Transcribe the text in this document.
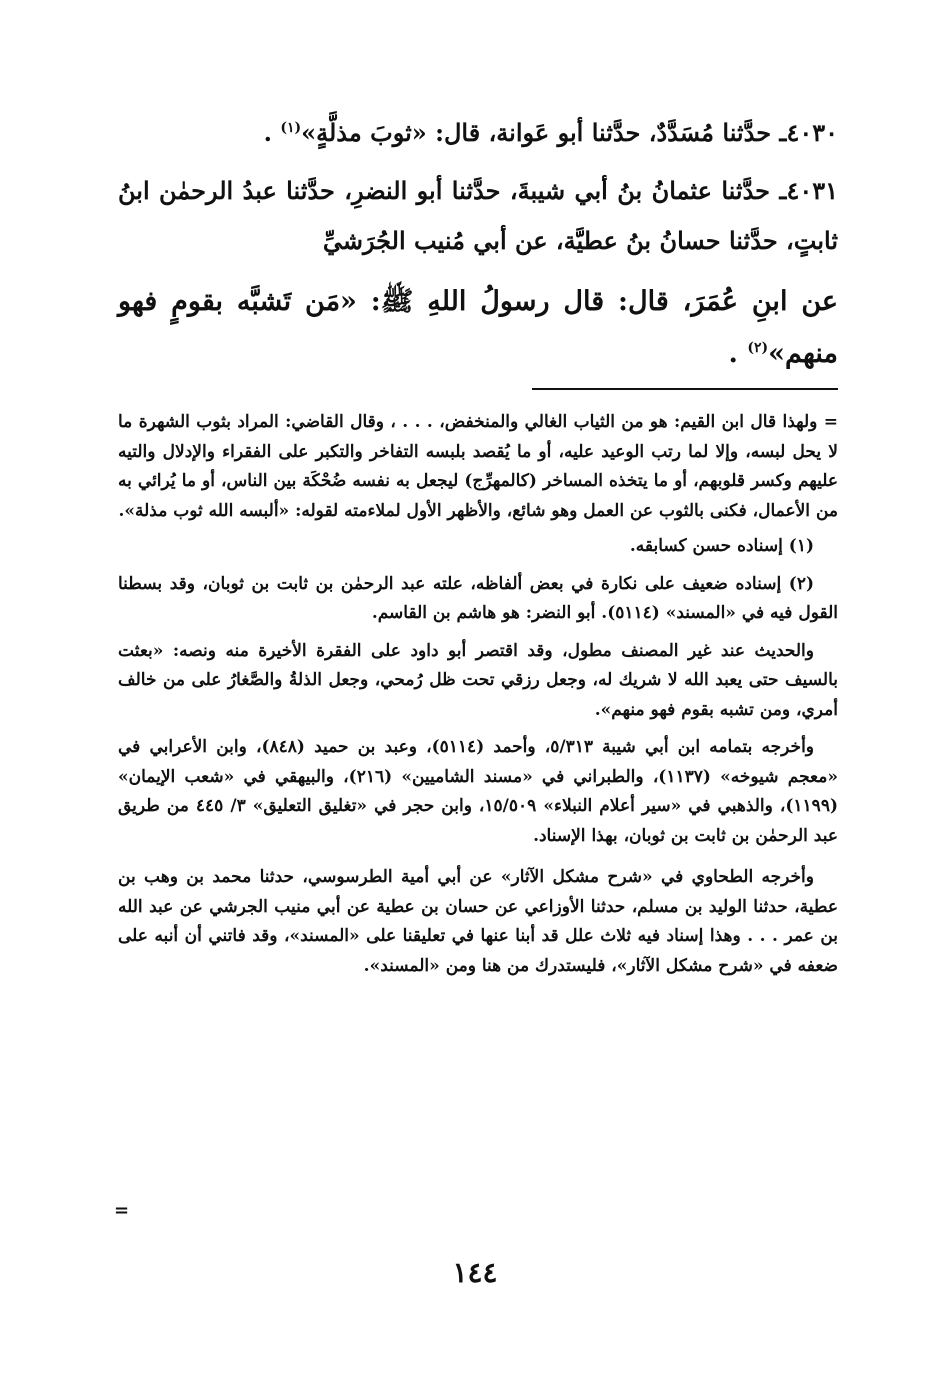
٤٠٣٠ـ حدَّثنا مُسَدَّدٌ، حدَّثنا أبو عَوانة، قال: «ثوبَ مذلَّةٍ»$^{(١)}$ .
٤٠٣١ـ حدَّثنا عثمانُ بنُ أبي شيبةَ، حدَّثنا أبو النضرِ، حدَّثنا عبدُ الرحمٰن ابنُ ثابتٍ، حدَّثنا حسانُ بنُ عطيَّة، عن أبي مُنيب الجُرَشيِّ
عن ابنِ عُمَرَ، قال: قال رسولُ اللهِ ﷺ: «مَن تَشبَّه بقومٍ فهو منهم»$^{(٢)}$ .

= ولهذا قال ابن القيم: هو من الثياب الغالي والمنخفض، . . . ، وقال القاضي: المراد بثوب الشهرة ما لا يحل لبسه، وإلا لما رتب الوعيد عليه، أو ما يُقصد بلبسه التفاخر والتكبر على الفقراء والإدلال والتيه عليهم وكسر قلوبهم، أو ما يتخذه المساخر (كالمهرِّج) ليجعل به نفسه ضُحْكَة بين الناس، أو ما يُرائي به من الأعمال، فكنى بالثوب عن العمل وهو شائع، والأظهر الأول لملاءمته لقوله: «ألبسه الله ثوب مذلة».

(١) إسناده حسن كسابقه.

(٢) إسناده ضعيف على نكارة في بعض ألفاظه، علته عبد الرحمٰن بن ثابت بن ثوبان، وقد بسطنا القول فيه في «المسند» (٥١١٤). أبو النضر: هو هاشم بن القاسم.

والحديث عند غير المصنف مطول، وقد اقتصر أبو داود على الفقرة الأخيرة منه ونصه: «بعثت بالسيف حتى يعبد الله لا شريك له، وجعل رزقي تحت ظل رُمحي، وجعل الذلةُ والصَّغارُ على من خالف أمري، ومن تشبه بقوم فهو منهم».

وأخرجه بتمامه ابن أبي شيبة ٥/٣١٣، وأحمد (٥١١٤)، وعبد بن حميد (٨٤٨)، وابن الأعرابي في «معجم شيوخه» (١١٣٧)، والطبراني في «مسند الشاميين» (٢١٦)، والبيهقي في «شعب الإيمان» (١١٩٩)، والذهبي في «سير أعلام النبلاء» ١٥/٥٠٩، وابن حجر في «تغليق التعليق» ٣/ ٤٤٥ من طريق عبد الرحمٰن بن ثابت بن ثوبان، بهذا الإسناد.

وأخرجه الطحاوي في «شرح مشكل الآثار» عن أبي أمية الطرسوسي، حدثنا محمد بن وهب بن عطية، حدثنا الوليد بن مسلم، حدثنا الأوزاعي عن حسان بن عطية عن أبي منيب الجرشي عن عبد الله بن عمر . . . وهذا إسناد فيه ثلاث علل قد أبنا عنها في تعليقنا على «المسند»، وقد فاتني أن أنبه على ضعفه في «شرح مشكل الآثار»، فليستدرك من هنا ومن «المسند».

=
١٤٤
